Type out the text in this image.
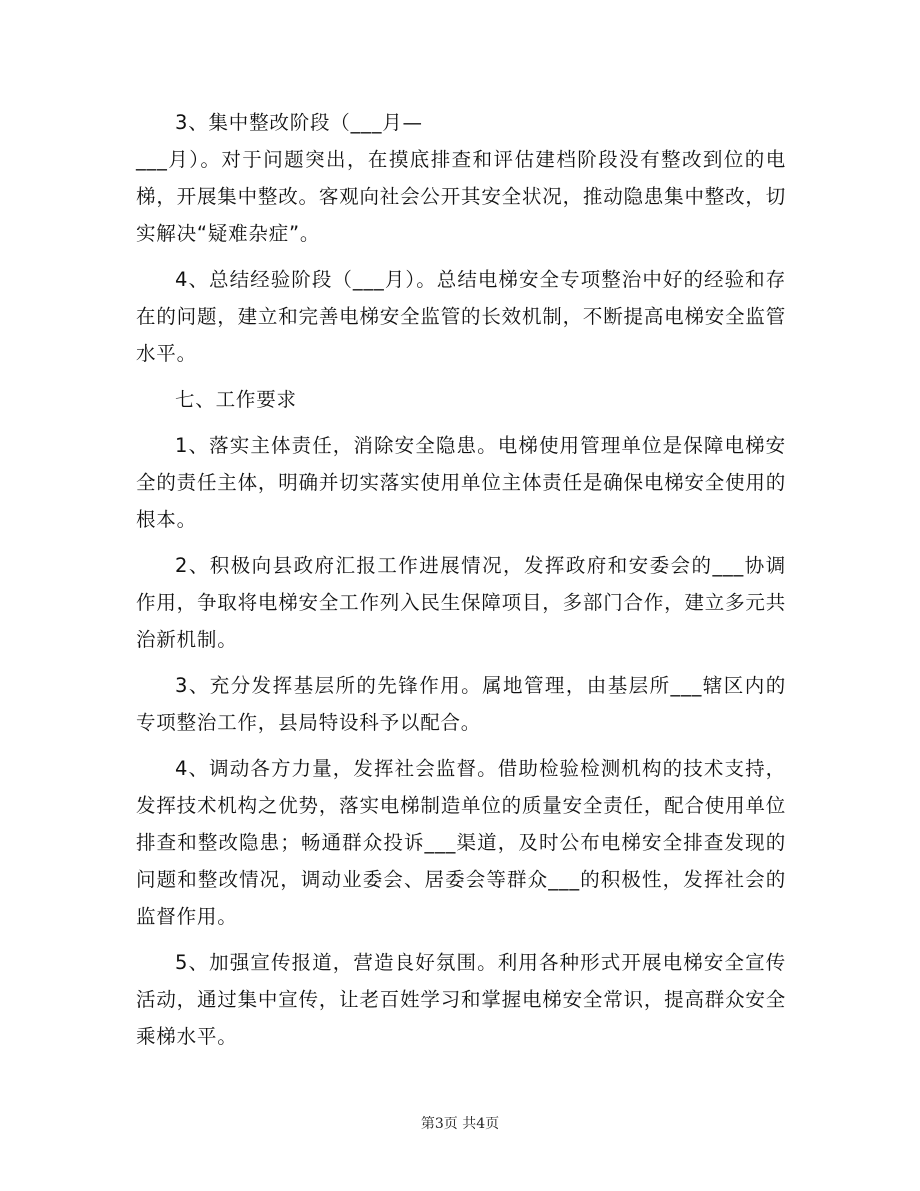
3、集中整改阶段（___月—

___月）。对于问题突出，在摸底排查和评估建档阶段没有整改到位的电梯，开展集中整改。客观向社会公开其安全状况，推动隐患集中整改，切实解决“疑难杂症”。

4、总结经验阶段（___月）。总结电梯安全专项整治中好的经验和存在的问题，建立和完善电梯安全监管的长效机制，不断提高电梯安全监管水平。

七、工作要求

1、落实主体责任，消除安全隐患。电梯使用管理单位是保障电梯安全的责任主体，明确并切实落实使用单位主体责任是确保电梯安全使用的根本。

2、积极向县政府汇报工作进展情况，发挥政府和安委会的___协调作用，争取将电梯安全工作列入民生保障项目，多部门合作，建立多元共治新机制。

3、充分发挥基层所的先锋作用。属地管理，由基层所___辖区内的专项整治工作，县局特设科予以配合。

4、调动各方力量，发挥社会监督。借助检验检测机构的技术支持，发挥技术机构之优势，落实电梯制造单位的质量安全责任，配合使用单位排查和整改隐患；畅通群众投诉___渠道，及时公布电梯安全排查发现的问题和整改情况，调动业委会、居委会等群众___的积极性，发挥社会的监督作用。

5、加强宣传报道，营造良好氛围。利用各种形式开展电梯安全宣传活动，通过集中宣传，让老百姓学习和掌握电梯安全常识，提高群众安全乘梯水平。

第3页 共4页
